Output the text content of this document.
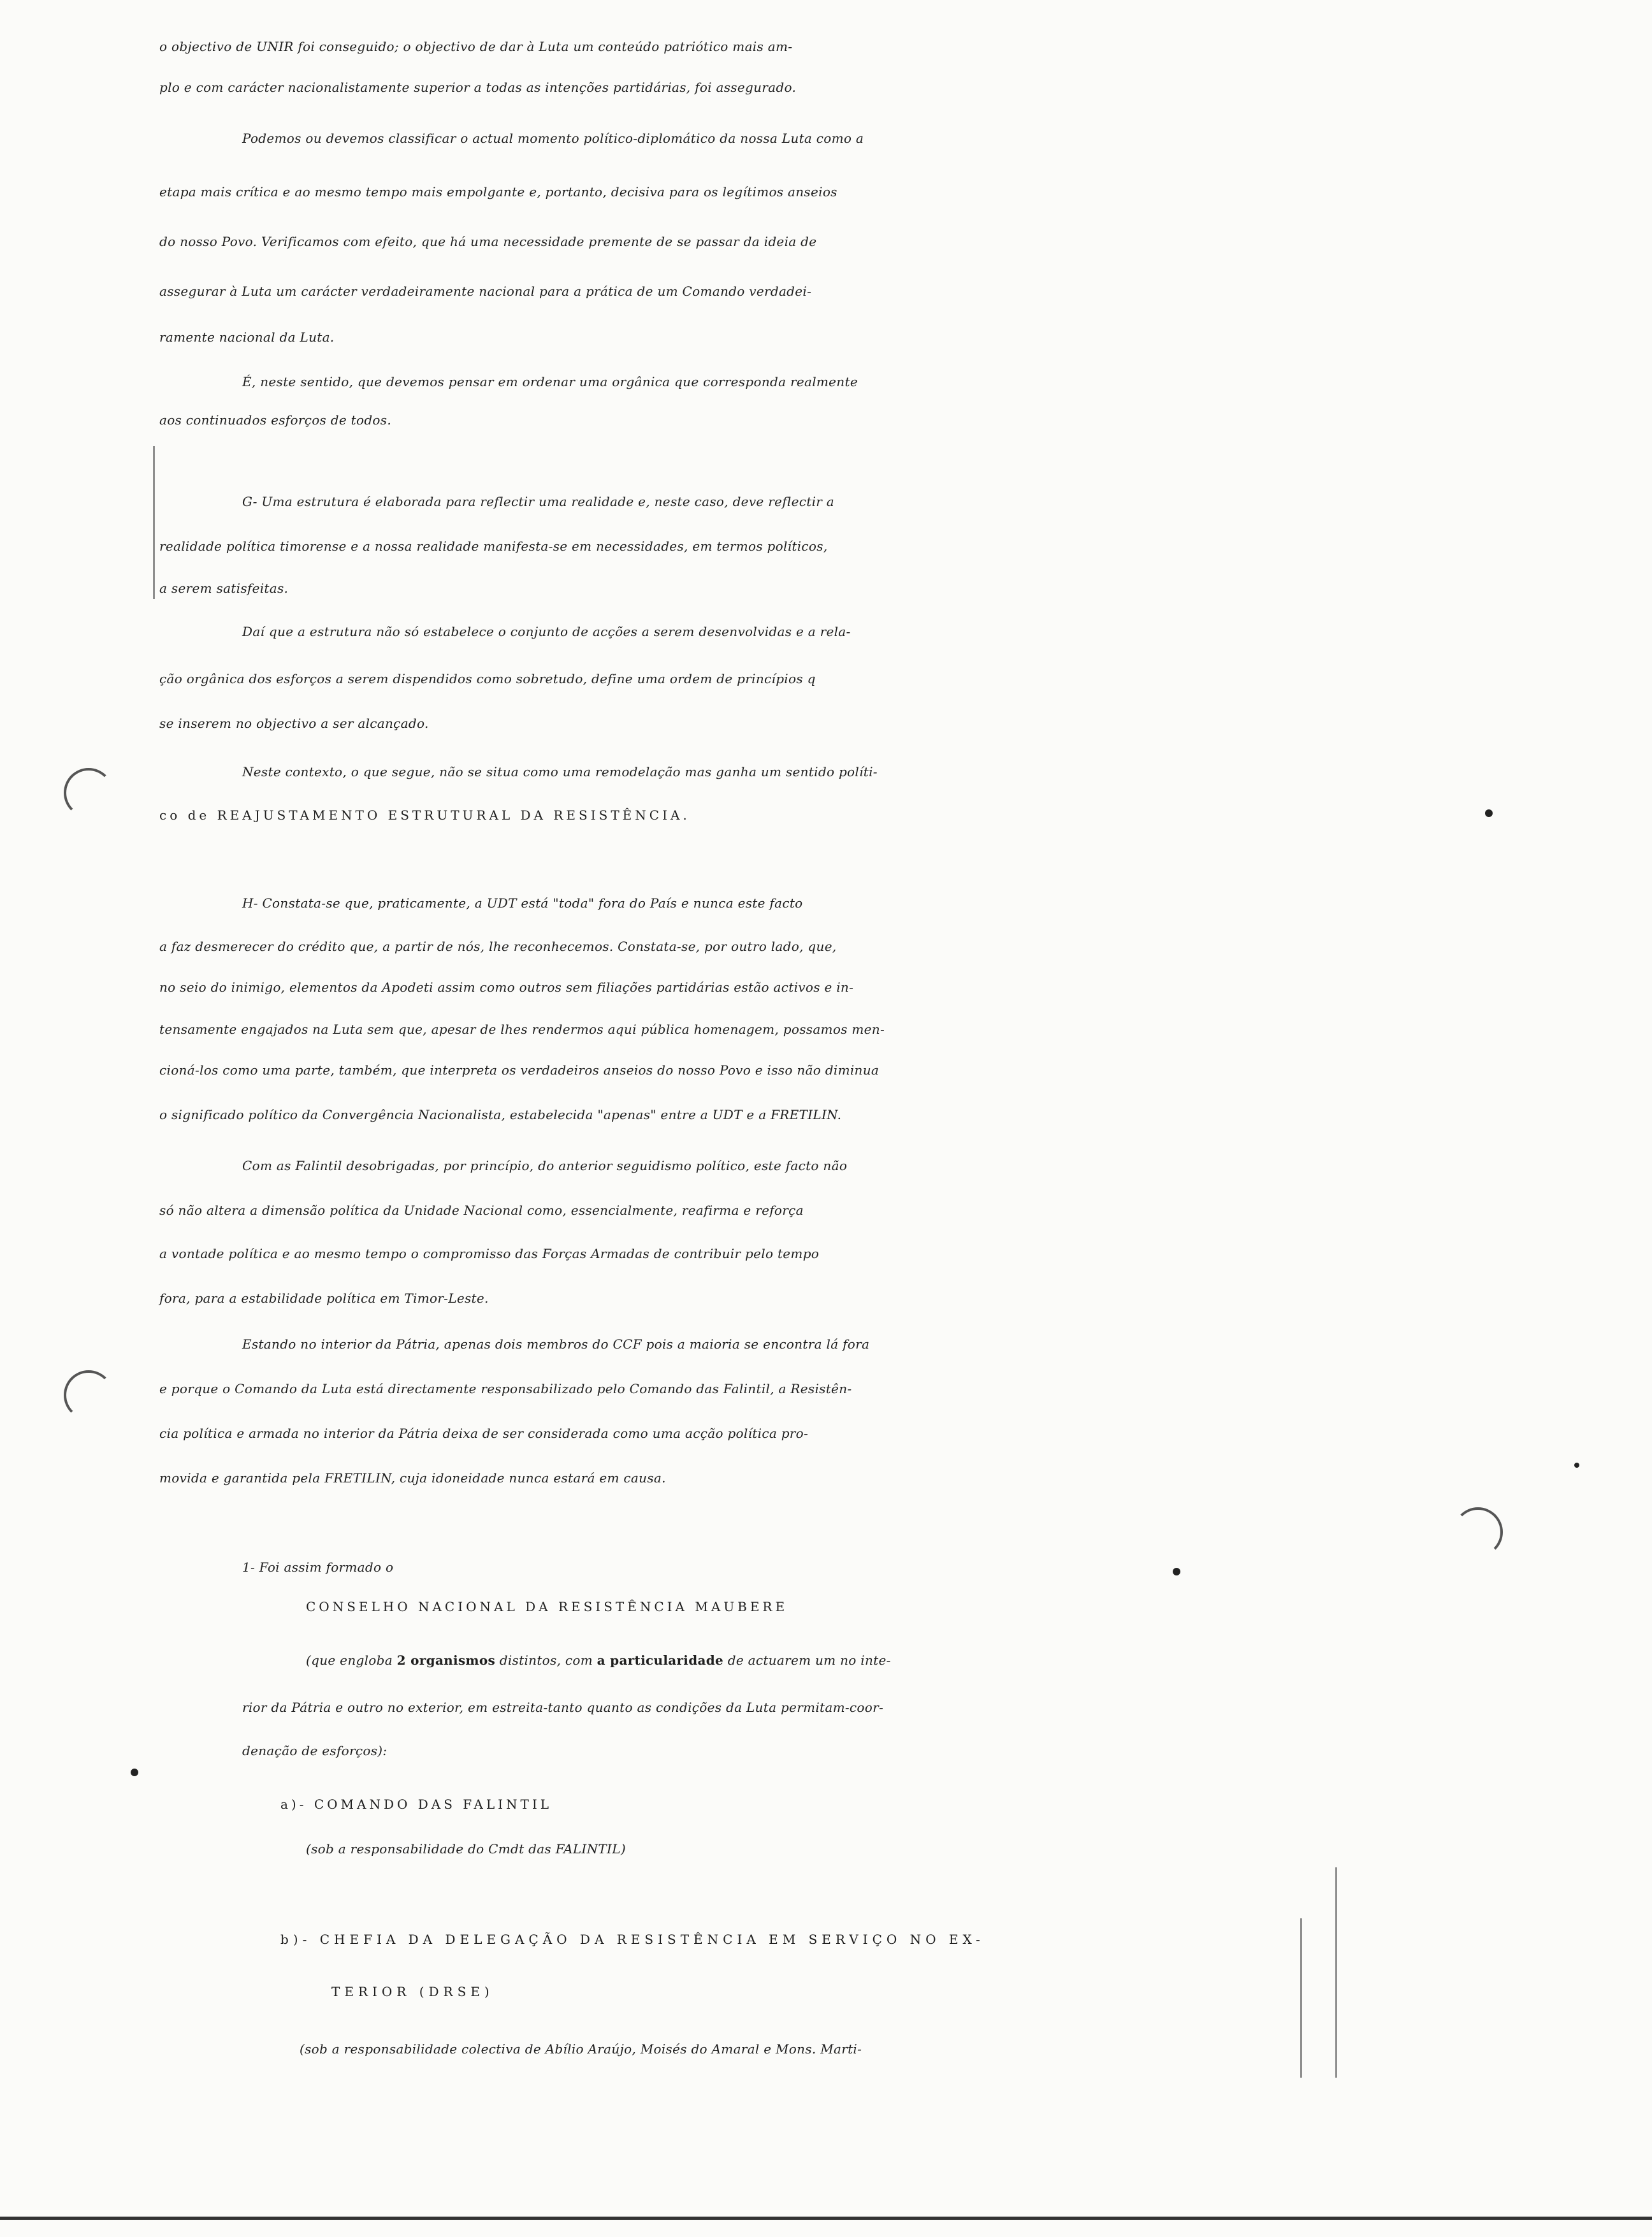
o objectivo de UNIR foi conseguido; o objectivo de dar à Luta um conteúdo patriótico mais am-
plo e com carácter nacionalistamente superior a todas as intenções partidárias, foi assegurado.
Podemos ou devemos classificar o actual momento político-diplomático da nossa Luta como a
etapa mais crítica e ao mesmo tempo mais empolgante e, portanto, decisiva para os legítimos anseios
do nosso Povo. Verificamos com efeito, que há uma necessidade premente de se passar da ideia de
assegurar à Luta um carácter verdadeiramente nacional para a prática de um Comando verdadei-
ramente nacional da Luta.
É, neste sentido, que devemos pensar em ordenar uma orgânica que corresponda realmente
aos continuados esforços de todos.
G- Uma estrutura é elaborada para reflectir uma realidade e, neste caso, deve reflectir a
realidade política timorense e a nossa realidade manifesta-se em necessidades, em termos políticos,
a serem satisfeitas.
Daí que a estrutura não só estabelece o conjunto de acções a serem desenvolvidas e a rela-
ção orgânica dos esforços a serem dispendidos como sobretudo, define uma ordem de princípios q
se inserem no objectivo a ser alcançado.
Neste contexto, o que segue, não se situa como uma remodelação mas ganha um sentido políti-
co de REAJUSTAMENTO ESTRUTURAL DA RESISTÊNCIA.
H- Constata-se que, praticamente, a UDT está "toda" fora do País e nunca este facto
a faz desmerecer do crédito que, a partir de nós, lhe reconhecemos. Constata-se, por outro lado, que,
no seio do inimigo, elementos da Apodeti assim como outros sem filiações partidárias estão activos e in-
tensamente engajados na Luta sem que, apesar de lhes rendermos aqui pública homenagem, possamos men-
cioná-los como uma parte, também, que interpreta os verdadeiros anseios do nosso Povo e isso não diminua
o significado político da Convergência Nacionalista, estabelecida "apenas" entre a UDT e a FRETILIN.
Com as Falintil desobrigadas, por princípio, do anterior seguidismo político, este facto não
só não altera a dimensão política da Unidade Nacional como, essencialmente, reafirma e reforça
a vontade política e ao mesmo tempo o compromisso das Forças Armadas de contribuir pelo tempo
fora, para a estabilidade política em Timor-Leste.
Estando no interior da Pátria, apenas dois membros do CCF pois a maioria se encontra lá fora
e porque o Comando da Luta está directamente responsabilizado pelo Comando das Falintil, a Resistên-
cia política e armada no interior da Pátria deixa de ser considerada como uma acção política pro-
movida e garantida pela FRETILIN, cuja idoneidade nunca estará em causa.
1- Foi assim formado o
CONSELHO NACIONAL DA RESISTÊNCIA MAUBERE
(que engloba 2 organismos distintos, com a particularidade de actuarem um no inte-
rior da Pátria e outro no exterior, em estreita-tanto quanto as condições da Luta permitam-coor-
denação de esforços):
a)- COMANDO DAS FALINTIL
(sob a responsabilidade do Cmdt das FALINTIL)
b)- CHEFIA DA DELEGAÇÃO DA RESISTÊNCIA EM SERVIÇO NO EX-
TERIOR (DRSE)
(sob a responsabilidade colectiva de Abílio Araújo, Moisés do Amaral e Mons. Marti-
